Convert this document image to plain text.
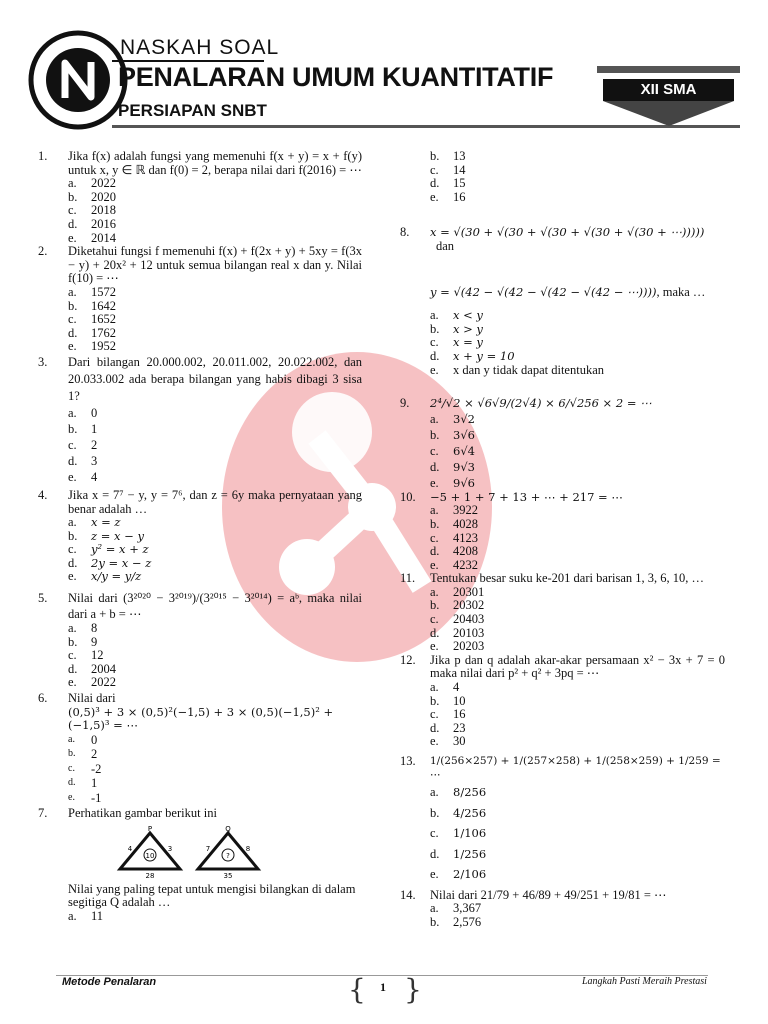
NASKAH SOAL
PENALARAN UMUM KUANTITATIF
PERSIAPAN SNBT
XII SMA
1.	Jika f(x) adalah fungsi yang memenuhi f(x + y) = x + f(y) untuk x, y ∈ ℝ dan f(0) = 2, berapa nilai dari f(2016) = ⋯
a.	2022
b.	2020
c.	2018
d.	2016
e.	2014
2.	Diketahui fungsi f memenuhi f(x) + f(2x + y) + 5xy = f(3x − y) + 20x² + 12 untuk semua bilangan real x dan y. Nilai f(10) = ⋯
a.	1572
b.	1642
c.	1652
d.	1762
e.	1952
3.	Dari bilangan 20.000.002, 20.011.002, 20.022.002, dan 20.033.002 ada berapa bilangan yang habis dibagi 3 sisa 1?
a.	0
b.	1
c.	2
d.	3
e.	4
4.	Jika x = 7⁷ − y, y = 7⁶, dan z = 6y maka pernyataan yang benar adalah …
a.	x = z
b.	z = x − y
c.	y² = x + z
d.	2y = x − z
e.	x/y = y/z
5.	Nilai dari (3²⁰²⁰ − 3²⁰¹⁹)/(3²⁰¹⁵ − 3²⁰¹⁴) = aᵇ, maka nilai dari a + b = ⋯
a.	8
b.	9
c.	12
d.	2004
e.	2022
6.	Nilai dari
(0,5)³ + 3 × (0,5)²(−1,5) + 3 × (0,5)(−1,5)² +
(−1,5)³ = ⋯
a.	0
b.	2
c.	-2
d.	1
e.	-1
7.	Perhatikan gambar berikut ini
P
10
4	3
28
Q
?
7	8
35
Nilai yang paling tepat untuk mengisi bilangkan di dalam segitiga Q adalah …
a.	11
b.	13
c.	14
d.	15
e.	16
8.	x = √(30 + √(30 + √(30 + √(30 + √(30 + ⋯))))) dan
y = √(42 − √(42 − √(42 − √(42 − ⋯)))), maka …
a.	x < y
b.	x > y
c.	x = y
d.	x + y = 10
e.	x dan y tidak dapat ditentukan
9.	2⁴/√2 × √6√9/(2√4) × 6/√256 × 2 = ⋯
a.	3√2
b.	3√6
c.	6√4
d.	9√3
e.	9√6
10.	−5 + 1 + 7 + 13 + ⋯ + 217 = ⋯
a.	3922
b.	4028
c.	4123
d.	4208
e.	4232
11.	Tentukan besar suku ke-201 dari barisan 1, 3, 6, 10, …
a.	20301
b.	20302
c.	20403
d.	20103
e.	20203
12.	Jika p dan q adalah akar-akar persamaan x² − 3x + 7 = 0 maka nilai dari p² + q² + 3pq = ⋯
a.	4
b.	10
c.	16
d.	23
e.	30
13.	1/(256×257) + 1/(257×258) + 1/(258×259) + 1/259 = ⋯
a.	8/256
b.	4/256
c.	1/106
d.	1/256
e.	2/106
14.	Nilai dari 21/79 + 46/89 + 49/251 + 19/81 = ⋯
a.	3,367
b.	2,576
Metode Penalaran	{	1 }	Langkah Pasti Meraih Prestasi
